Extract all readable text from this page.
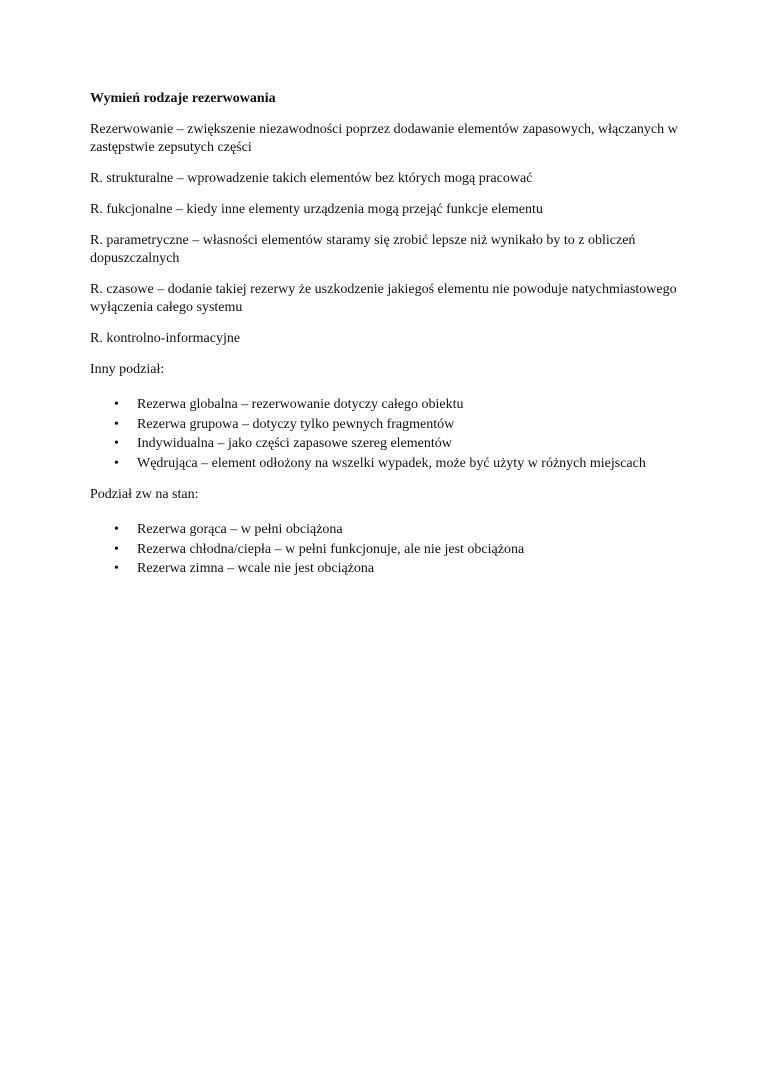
Wymień rodzaje rezerwowania
Rezerwowanie – zwiększenie niezawodności poprzez dodawanie elementów zapasowych, włączanych w zastępstwie zepsutych części
R. strukturalne – wprowadzenie takich elementów bez których mogą pracować
R. fukcjonalne – kiedy inne elementy urządzenia mogą przejąć funkcje elementu
R. parametryczne – własności elementów staramy się zrobić lepsze niż wynikało by to z obliczeń dopuszczalnych
R. czasowe – dodanie takiej rezerwy że uszkodzenie jakiegoś elementu nie powoduje natychmiastowego wyłączenia całego systemu
R. kontrolno-informacyjne
Inny podział:
• Rezerwa globalna – rezerwowanie dotyczy całego obiektu
• Rezerwa grupowa – dotyczy tylko pewnych fragmentów
• Indywidualna – jako części zapasowe szereg elementów
• Wędrująca – element odłożony na wszelki wypadek, może być użyty w różnych miejscach
Podział zw na stan:
• Rezerwa gorąca – w pełni obciążona
• Rezerwa chłodna/ciepła – w pełni funkcjonuje, ale nie jest obciążona
• Rezerwa zimna – wcale nie jest obciążona
